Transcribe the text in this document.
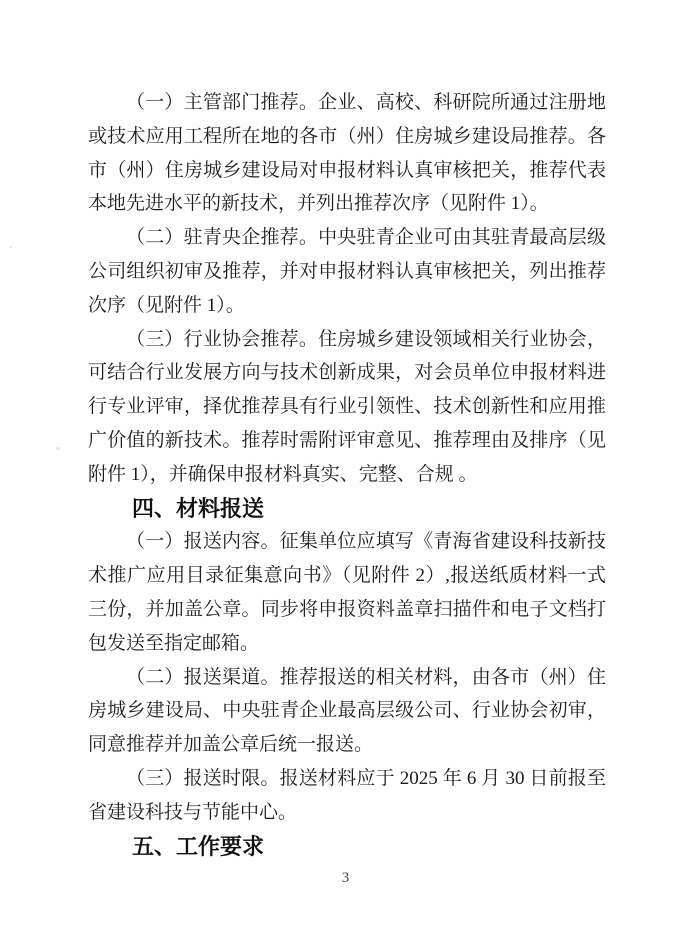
（一）主管部门推荐。企业、高校、科研院所通过注册地
或技术应用工程所在地的各市（州）住房城乡建设局推荐。各
市（州）住房城乡建设局对申报材料认真审核把关，推荐代表
本地先进水平的新技术，并列出推荐次序（见附件 1）。
（二）驻青央企推荐。中央驻青企业可由其驻青最高层级
公司组织初审及推荐，并对申报材料认真审核把关，列出推荐
次序（见附件 1）。
（三）行业协会推荐。住房城乡建设领域相关行业协会，
可结合行业发展方向与技术创新成果，对会员单位申报材料进
行专业评审，择优推荐具有行业引领性、技术创新性和应用推
广价值的新技术。推荐时需附评审意见、推荐理由及排序（见
附件 1），并确保申报材料真实、完整、合规 。
四、材料报送
（一）报送内容。征集单位应填写《青海省建设科技新技
术推广应用目录征集意向书》（见附件 2）,报送纸质材料一式
三份，并加盖公章。同步将申报资料盖章扫描件和电子文档打
包发送至指定邮箱。
（二）报送渠道。推荐报送的相关材料，由各市（州）住
房城乡建设局、中央驻青企业最高层级公司、行业协会初审，
同意推荐并加盖公章后统一报送。
（三）报送时限。报送材料应于 2025 年 6 月 30 日前报至
省建设科技与节能中心。
五、工作要求
3
